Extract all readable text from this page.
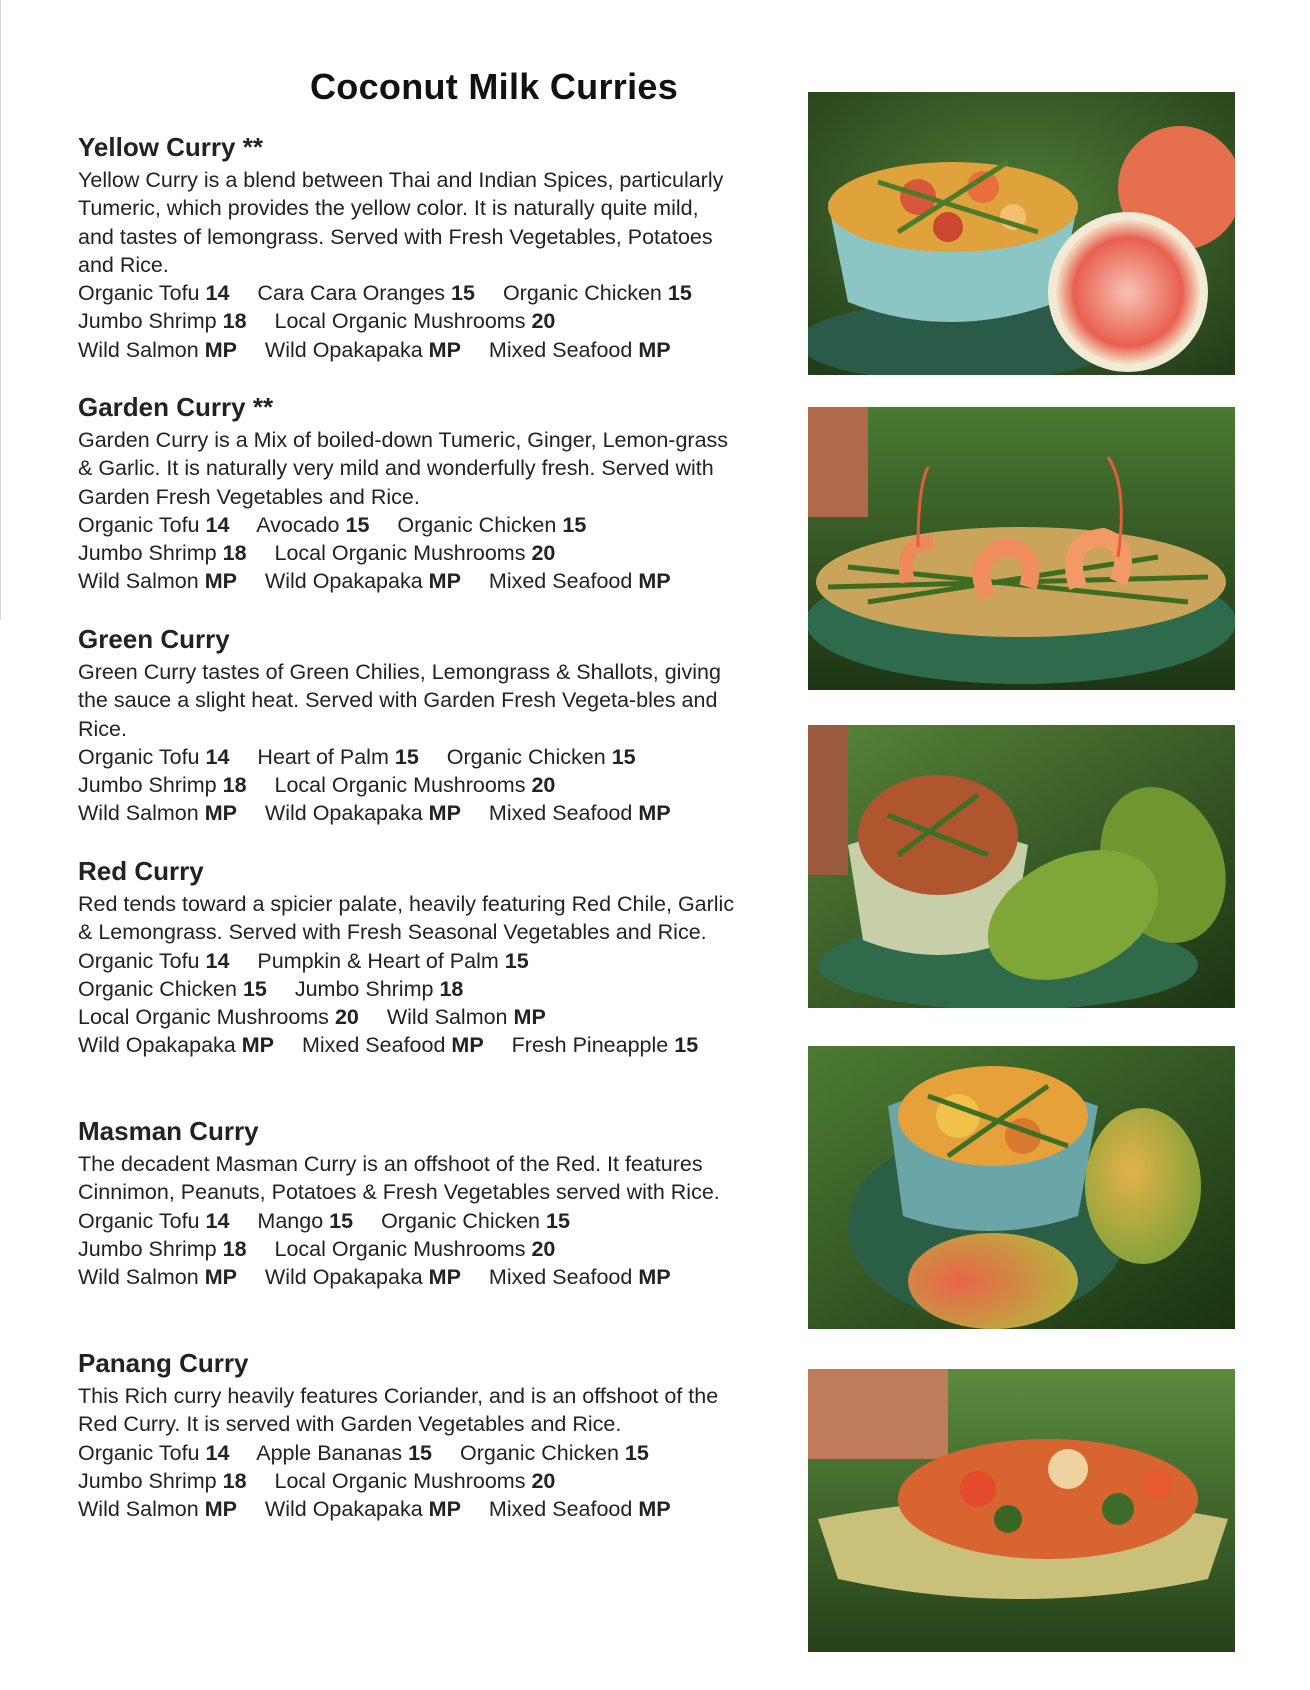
Coconut Milk Curries
Yellow Curry **

Yellow Curry is a blend between Thai and Indian Spices, particularly Tumeric, which provides the yellow color. It is naturally quite mild, and tastes of lemongrass. Served with Fresh Vegetables, Potatoes and Rice.

Organic Tofu 14 Cara Cara Oranges 15 Organic Chicken 15
Jumbo Shrimp 18 Local Organic Mushrooms 20
Wild Salmon MP Wild Opakapaka MP Mixed Seafood MP
Garden Curry **

Garden Curry is a Mix of boiled-down Tumeric, Ginger, Lemon-grass & Garlic. It is naturally very mild and wonderfully fresh. Served with Garden Fresh Vegetables and Rice.

Organic Tofu 14 Avocado 15 Organic Chicken 15 Jumbo Shrimp 18 Local Organic Mushrooms 20
Wild Salmon MP Wild Opakapaka MP Mixed Seafood MP
Green Curry

Green Curry tastes of Green Chilies, Lemongrass & Shallots, giving the sauce a slight heat. Served with Garden Fresh Vegeta-bles and Rice.

Organic Tofu 14 Heart of Palm 15 Organic Chicken 15
Jumbo Shrimp 18 Local Organic Mushrooms 20
Wild Salmon MP Wild Opakapaka MP Mixed Seafood MP
Red Curry

Red tends toward a spicier palate, heavily featuring Red Chile, Garlic & Lemongrass. Served with Fresh Seasonal Vegetables and Rice.

Organic Tofu 14 Pumpkin & Heart of Palm 15 Organic Chicken 15 Jumbo Shrimp 18 Local Organic Mushrooms 20 Wild Salmon MP Wild Opakapaka MP Mixed Seafood MP Fresh Pineapple 15
Masman Curry

The decadent Masman Curry is an offshoot of the Red. It features Cinnimon, Peanuts, Potatoes & Fresh Vegetables served with Rice.

Organic Tofu 14 Mango 15 Organic Chicken 15
Jumbo Shrimp 18 Local Organic Mushrooms 20
Wild Salmon MP Wild Opakapaka MP Mixed Seafood MP
Panang Curry

This Rich curry heavily features Coriander, and is an offshoot of the Red Curry. It is served with Garden Vegetables and Rice.

Organic Tofu 14 Apple Bananas 15 Organic Chicken 15
Jumbo Shrimp 18 Local Organic Mushrooms 20
Wild Salmon MP Wild Opakapaka MP Mixed Seafood MP
